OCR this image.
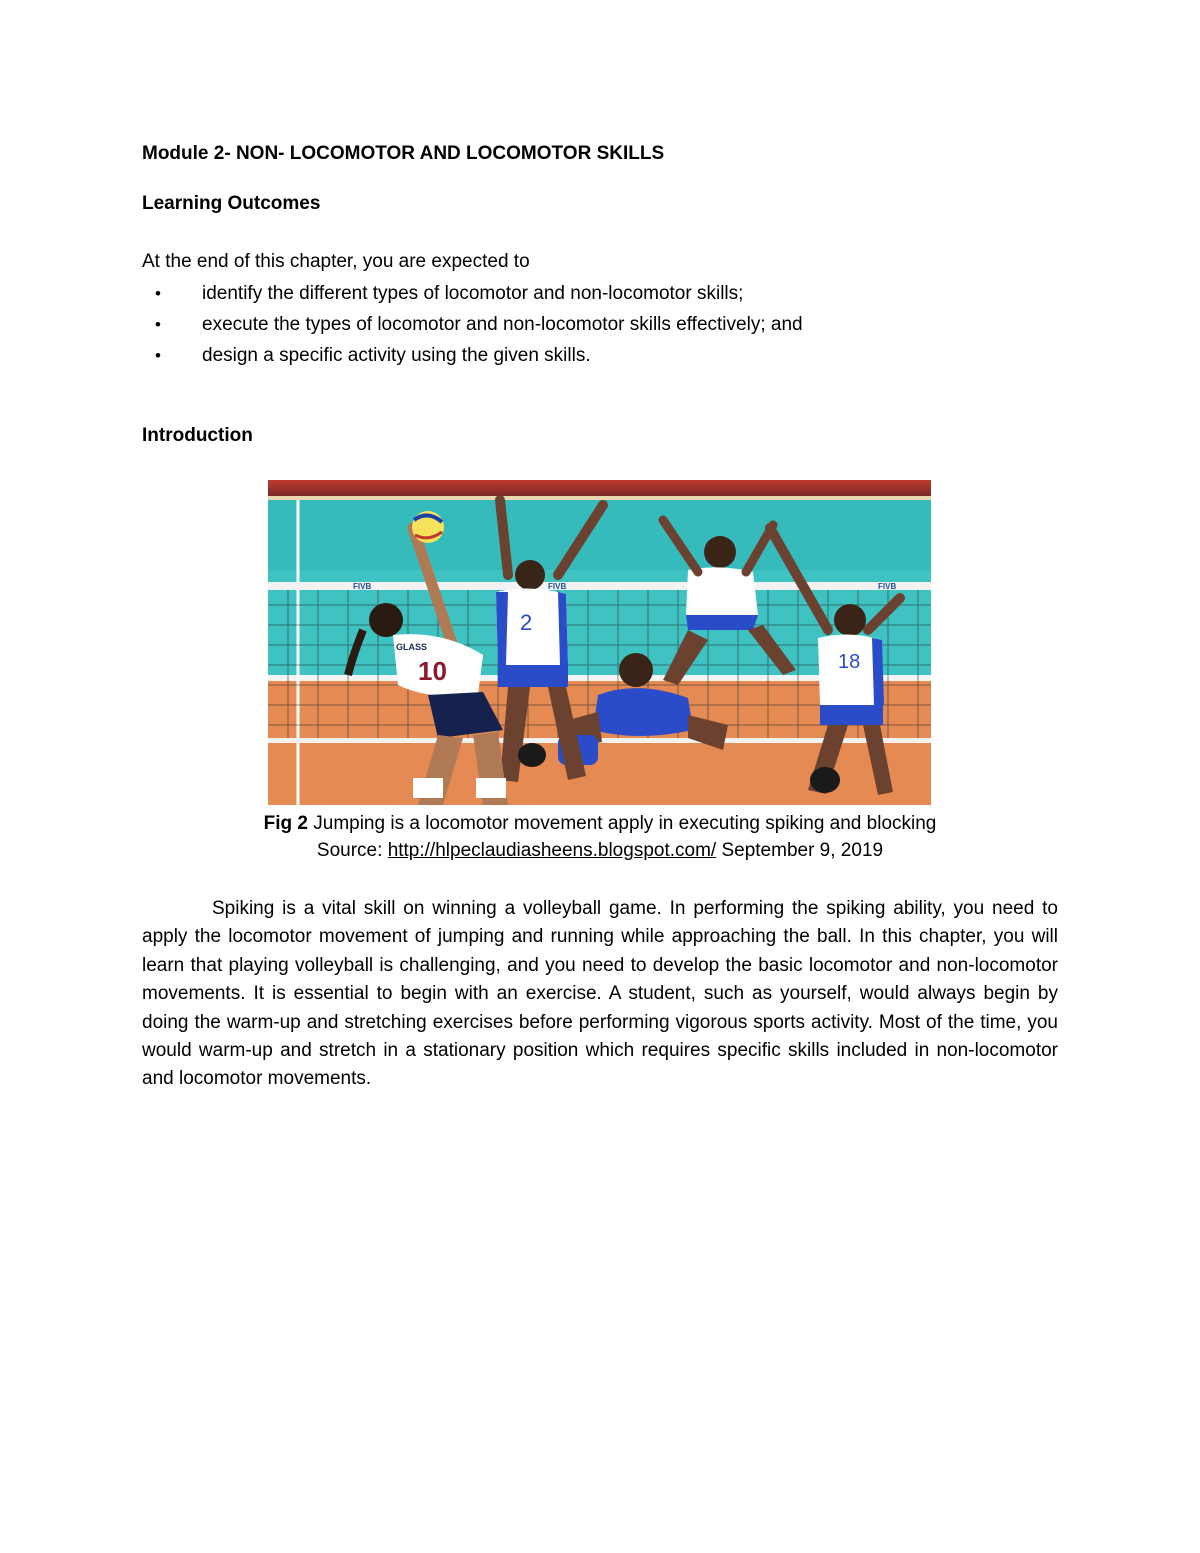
Module 2- NON- LOCOMOTOR AND LOCOMOTOR SKILLS
Learning Outcomes

At the end of this chapter, you are expected to

• identify the different types of locomotor and non-locomotor skills;
• execute the types of locomotor and non-locomotor skills effectively; and
• design a specific activity using the given skills.
Introduction
FIVB	FIVB	FIVB
2
18
10
GLASS

Fig 2 Jumping is a locomotor movement apply in executing spiking and blocking
Source: http://hlpeclaudiasheens.blogspot.com/ September 9, 2019

Spiking is a vital skill on winning a volleyball game. In performing the spiking ability, you need to apply the locomotor movement of jumping and running while approaching the ball. In this chapter, you will learn that playing volleyball is challenging, and you need to develop the basic locomotor and non-locomotor movements. It is essential to begin with an exercise. A student, such as yourself, would always begin by doing the warm-up and stretching exercises before performing vigorous sports activity. Most of the time, you would warm-up and stretch in a stationary position which requires specific skills included in non-locomotor and locomotor movements.
